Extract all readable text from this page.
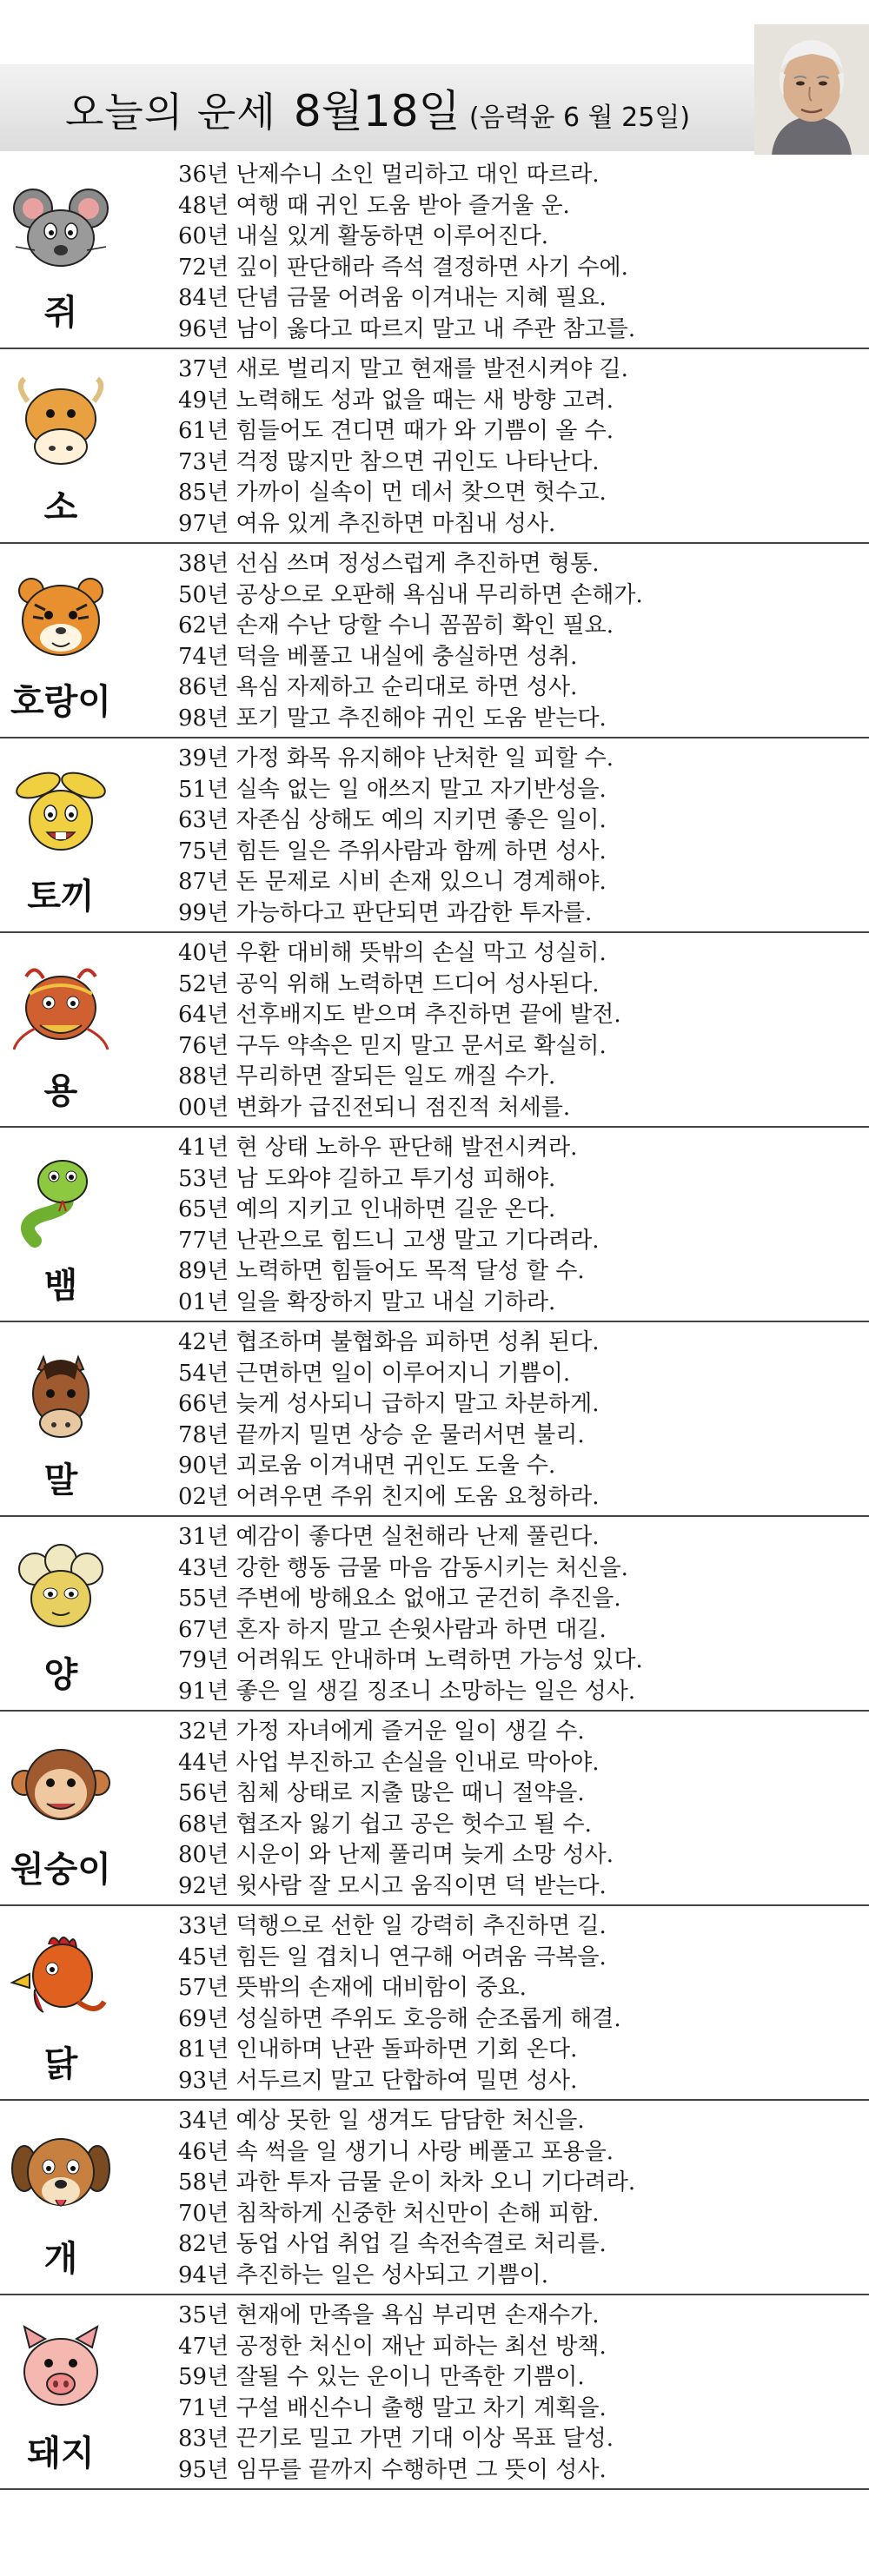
오늘의 운세 8월18일 (음력윤 6 월 25일)
쥐
36년 난제수니 소인 멀리하고 대인 따르라.
48년 여행 때 귀인 도움 받아 즐거울 운.
60년 내실 있게 활동하면 이루어진다.
72년 깊이 판단해라 즉석 결정하면 사기 수에.
84년 단념 금물 어려움 이겨내는 지혜 필요.
96년 남이 옳다고 따르지 말고 내 주관 참고를.
소
37년 새로 벌리지 말고 현재를 발전시켜야 길.
49년 노력해도 성과 없을 때는 새 방향 고려.
61년 힘들어도 견디면 때가 와 기쁨이 올 수.
73년 걱정 많지만 참으면 귀인도 나타난다.
85년 가까이 실속이 먼 데서 찾으면 헛수고.
97년 여유 있게 추진하면 마침내 성사.
호랑이
38년 선심 쓰며 정성스럽게 추진하면 형통.
50년 공상으로 오판해 욕심내 무리하면 손해가.
62년 손재 수난 당할 수니 꼼꼼히 확인 필요.
74년 덕을 베풀고 내실에 충실하면 성취.
86년 욕심 자제하고 순리대로 하면 성사.
98년 포기 말고 추진해야 귀인 도움 받는다.
토끼
39년 가정 화목 유지해야 난처한 일 피할 수.
51년 실속 없는 일 애쓰지 말고 자기반성을.
63년 자존심 상해도 예의 지키면 좋은 일이.
75년 힘든 일은 주위사람과 함께 하면 성사.
87년 돈 문제로 시비 손재 있으니 경계해야.
99년 가능하다고 판단되면 과감한 투자를.
용
40년 우환 대비해 뜻밖의 손실 막고 성실히.
52년 공익 위해 노력하면 드디어 성사된다.
64년 선후배지도 받으며 추진하면 끝에 발전.
76년 구두 약속은 믿지 말고 문서로 확실히.
88년 무리하면 잘되든 일도 깨질 수가.
00년 변화가 급진전되니 점진적 처세를.
뱀
41년 현 상태 노하우 판단해 발전시켜라.
53년 남 도와야 길하고 투기성 피해야.
65년 예의 지키고 인내하면 길운 온다.
77년 난관으로 힘드니 고생 말고 기다려라.
89년 노력하면 힘들어도 목적 달성 할 수.
01년 일을 확장하지 말고 내실 기하라.
말
42년 협조하며 불협화음 피하면 성취 된다.
54년 근면하면 일이 이루어지니 기쁨이.
66년 늦게 성사되니 급하지 말고 차분하게.
78년 끝까지 밀면 상승 운 물러서면 불리.
90년 괴로움 이겨내면 귀인도 도울 수.
02년 어려우면 주위 친지에 도움 요청하라.
양
31년 예감이 좋다면 실천해라 난제 풀린다.
43년 강한 행동 금물 마음 감동시키는 처신을.
55년 주변에 방해요소 없애고 굳건히 추진을.
67년 혼자 하지 말고 손윗사람과 하면 대길.
79년 어려워도 안내하며 노력하면 가능성 있다.
91년 좋은 일 생길 징조니 소망하는 일은 성사.
원숭이
32년 가정 자녀에게 즐거운 일이 생길 수.
44년 사업 부진하고 손실을 인내로 막아야.
56년 침체 상태로 지출 많은 때니 절약을.
68년 협조자 잃기 쉽고 공은 헛수고 될 수.
80년 시운이 와 난제 풀리며 늦게 소망 성사.
92년 윗사람 잘 모시고 움직이면 덕 받는다.
닭
33년 덕행으로 선한 일 강력히 추진하면 길.
45년 힘든 일 겹치니 연구해 어려움 극복을.
57년 뜻밖의 손재에 대비함이 중요.
69년 성실하면 주위도 호응해 순조롭게 해결.
81년 인내하며 난관 돌파하면 기회 온다.
93년 서두르지 말고 단합하여 밀면 성사.
개
34년 예상 못한 일 생겨도 담담한 처신을.
46년 속 썩을 일 생기니 사랑 베풀고 포용을.
58년 과한 투자 금물 운이 차차 오니 기다려라.
70년 침착하게 신중한 처신만이 손해 피함.
82년 동업 사업 취업 길 속전속결로 처리를.
94년 추진하는 일은 성사되고 기쁨이.
돼지
35년 현재에 만족을 욕심 부리면 손재수가.
47년 공정한 처신이 재난 피하는 최선 방책.
59년 잘될 수 있는 운이니 만족한 기쁨이.
71년 구설 배신수니 출행 말고 차기 계획을.
83년 끈기로 밀고 가면 기대 이상 목표 달성.
95년 임무를 끝까지 수행하면 그 뜻이 성사.
